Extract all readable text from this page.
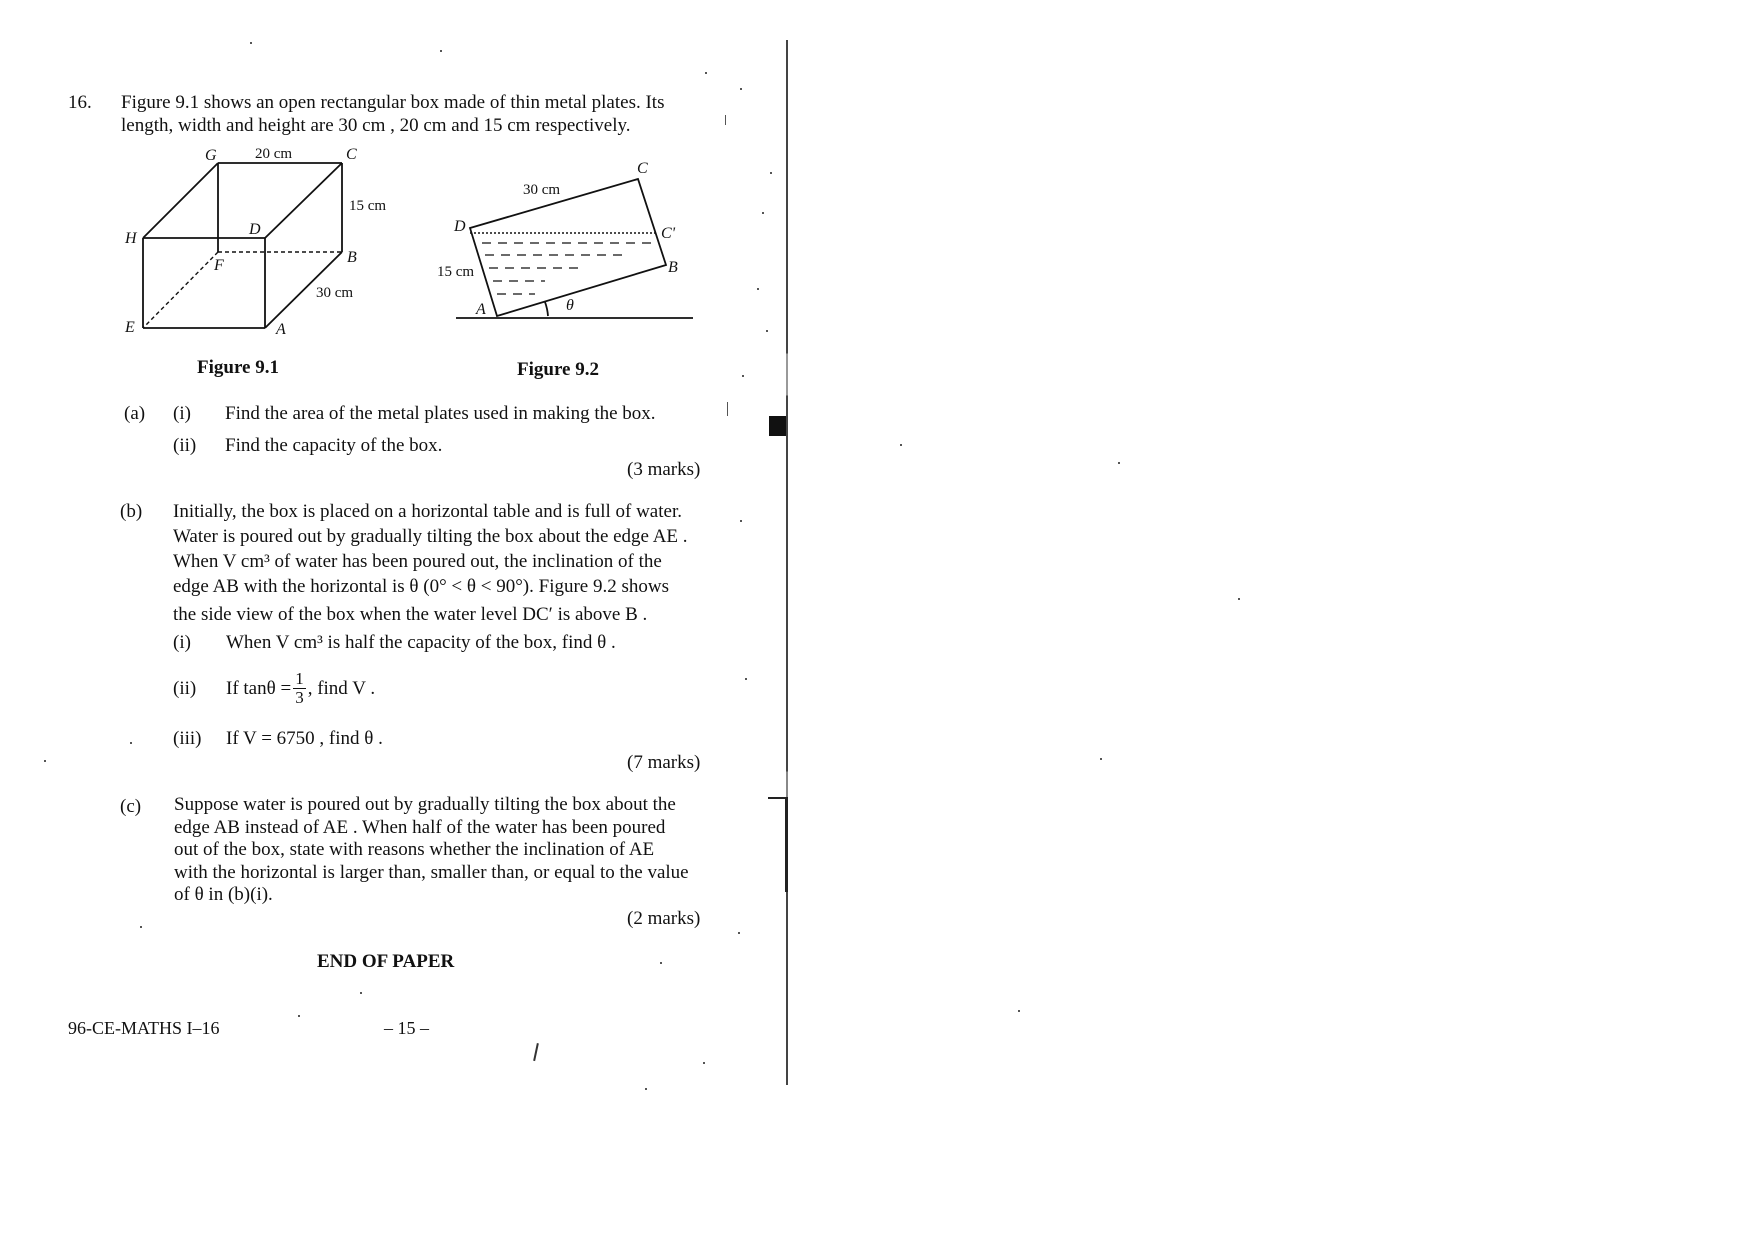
16. Figure 9.1 shows an open rectangular box made of thin metal plates. Its
length, width and height are 30 cm , 20 cm and 15 cm respectively.
G	C
H
D
F	B
E	A
20 cm
15 cm
30 cm
Figure 9.1
C
D	C'
B
A	θ
30 cm
15 cm
Figure 9.2
(a) (i) Find the area of the metal plates used in making the box.
(ii) Find the capacity of the box.
(3 marks)
(b) Initially, the box is placed on a horizontal table and is full of water.
Water is poured out by gradually tilting the box about the edge AE .
When V cm³ of water has been poured out, the inclination of the
edge AB with the horizontal is θ (0° < θ < 90°). Figure 9.2 shows
the side view of the box when the water level DC′ is above B .
(i) When V cm³ is half the capacity of the box, find θ .
(ii) If $\tan\theta = \frac{1}{3}$ , find V .
(iii) If V = 6750 , find θ .
(7 marks)
(c) Suppose water is poured out by gradually tilting the box about the
edge AB instead of AE . When half of the water has been poured
out of the box, state with reasons whether the inclination of AE
with the horizontal is larger than, smaller than, or equal to the value
of θ in (b)(i).
(2 marks)
END OF PAPER
96-CE-MATHS I–16	– 15 –
